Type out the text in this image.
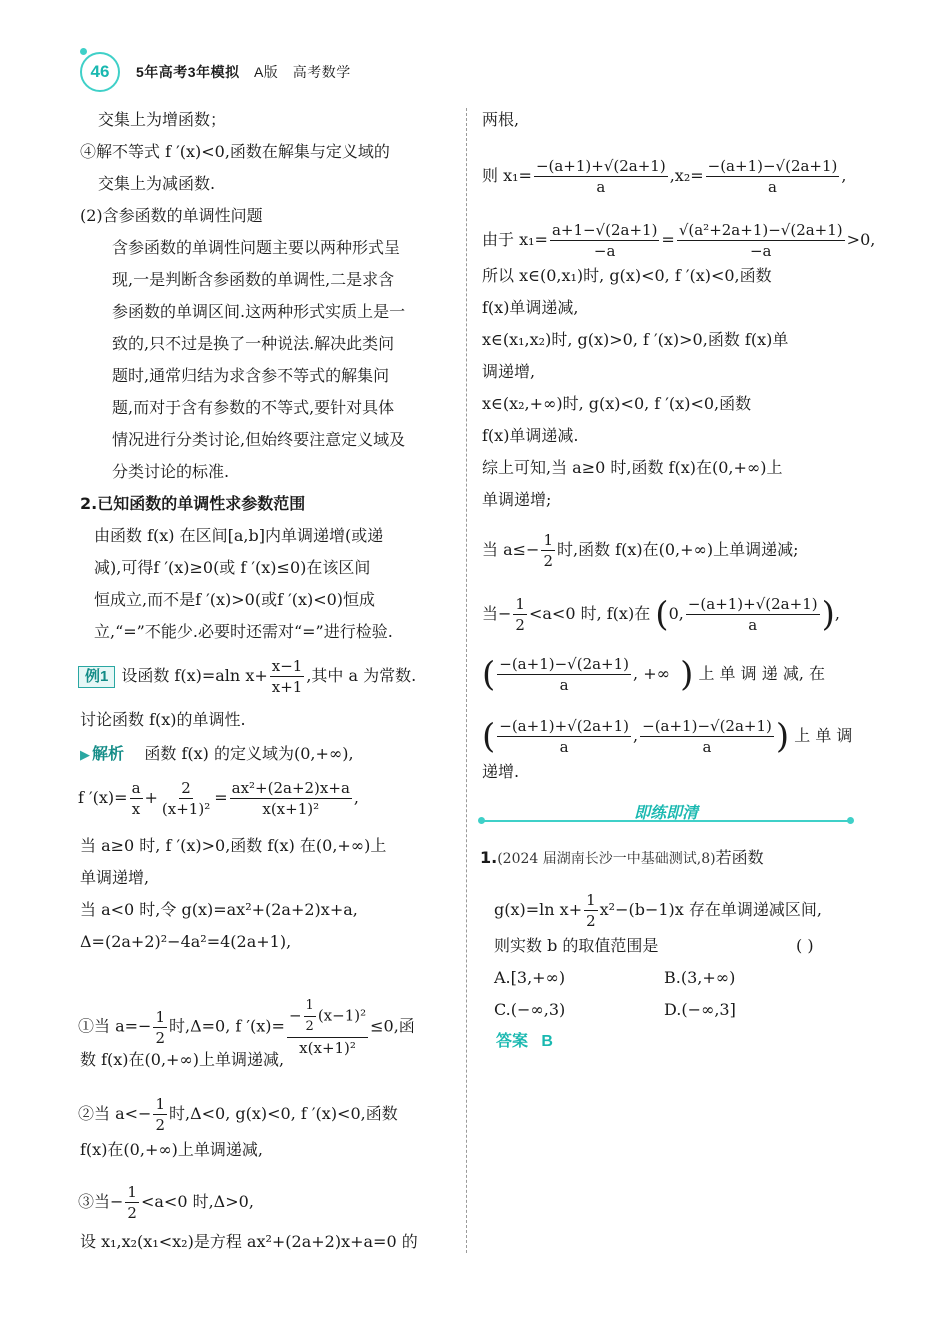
46 5年高考3年模拟 A版 高考数学
交集上为增函数；
④解不等式 f ′(x)<0,函数在解集与定义域的
交集上为减函数.
(2)含参函数的单调性问题
含参函数的单调性问题主要以两种形式呈
现,一是判断含参函数的单调性,二是求含
参函数的单调区间.这两种形式实质上是一
致的,只不过是换了一种说法.解决此类问
题时,通常归结为求含参不等式的解集问
题,而对于含有参数的不等式,要针对具体
情况进行分类讨论,但始终要注意定义域及
分类讨论的标准.
2.已知函数的单调性求参数范围
由函数 f(x) 在区间[a,b]内单调递增(或递
减),可得f ′(x)≥0(或 f ′(x)≤0)在该区间
恒成立,而不是f ′(x)>0(或f ′(x)<0)恒成
立,“=”不能少.必要时还需对“=”进行检验.
例1 设函数 f(x)=aln $x+ \frac{x-1}{x+1}$ ,其中 a 为常数.
讨论函数 f(x)的单调性.
▶ 解析 函数 f(x) 的定义域为(0,+∞),
f $'(x)= \frac{a}{x} + \frac{2}{\text{(x+1)²}} = \frac{\text{ax²+(2a+2)x+a}}{\text{x(x+1)²}}$ ,
当 a≥0 时, f ′(x)>0,函数 f(x) 在(0,+∞)上
单调递增,
当 a<0 时,令 g(x)=ax²+(2a+2)x+a,
Δ=(2a+2)²−4a²=4(2a+1),
①当 $a=- \frac{1}{2}$ 时,Δ=0, f $'(x)= \frac{- \frac{1}{2} (x-1)^2}{\text{x(x+1)²}} \le 0$,函
数 f(x)在(0,+∞)上单调递减,
②当 $a<- \frac{1}{2}$ 时,Δ<0, g(x)<0, f ′(x)<0,函数
f(x)在(0,+∞)上单调递减,
③当− $\frac{1}{2} <a<0$ 时,Δ>0,
设 x₁,x₂(x₁<x₂)是方程 ax²+(2a+2)x+a=0 的
两根,
则 $x_1= \frac{-(a+1)+√(2a+1)}{a} ,x_2= \frac{-(a+1)-√(2a+1)}{a}$ ,
由于 $x_1= \frac{a+1-√(2a+1)}{-a} = \frac{\text{√(a²+2a+1)−√(2a+1)}}{-a} >0$,
所以 x∈(0,x₁)时, g(x)<0, f ′(x)<0,函数
f(x)单调递减,
x∈(x₁,x₂)时, g(x)>0, f ′(x)>0,函数 f(x)单
调递增,
x∈(x₂,+∞)时, g(x)<0, f ′(x)<0,函数
f(x)单调递减.
综上可知,当 a≥0 时,函数 f(x)在(0,+∞)上
单调递增;
当 $a\le- \frac{1}{2}$ 时,函数 f(x)在(0,+∞)上单调递减;
当− $\frac{1}{2} <a<0$ 时, f(x)在 (0, $\frac{-(a+1)+√(2a+1)}{a}$ ),
( $\frac{-(a+1)-√(2a+1)}{a}$ , +∞ ) 上 单 调 递 减, 在
( $\frac{-(a+1)+√(2a+1)}{a}$ , $\frac{-(a+1)-√(2a+1)}{a}$ ) 上 单 调
递增.
即练即清
1.(2024 届湖南长沙一中基础测试,8)若函数
g(x)=ln $x+ \frac{1}{2} x^2-(b-1)x$ 存在单调递减区间,
则实数 b 的取值范围是	( )
A.[3,+∞)	B.(3,+∞)
C.(−∞,3)	D.(−∞,3]
答案 B
